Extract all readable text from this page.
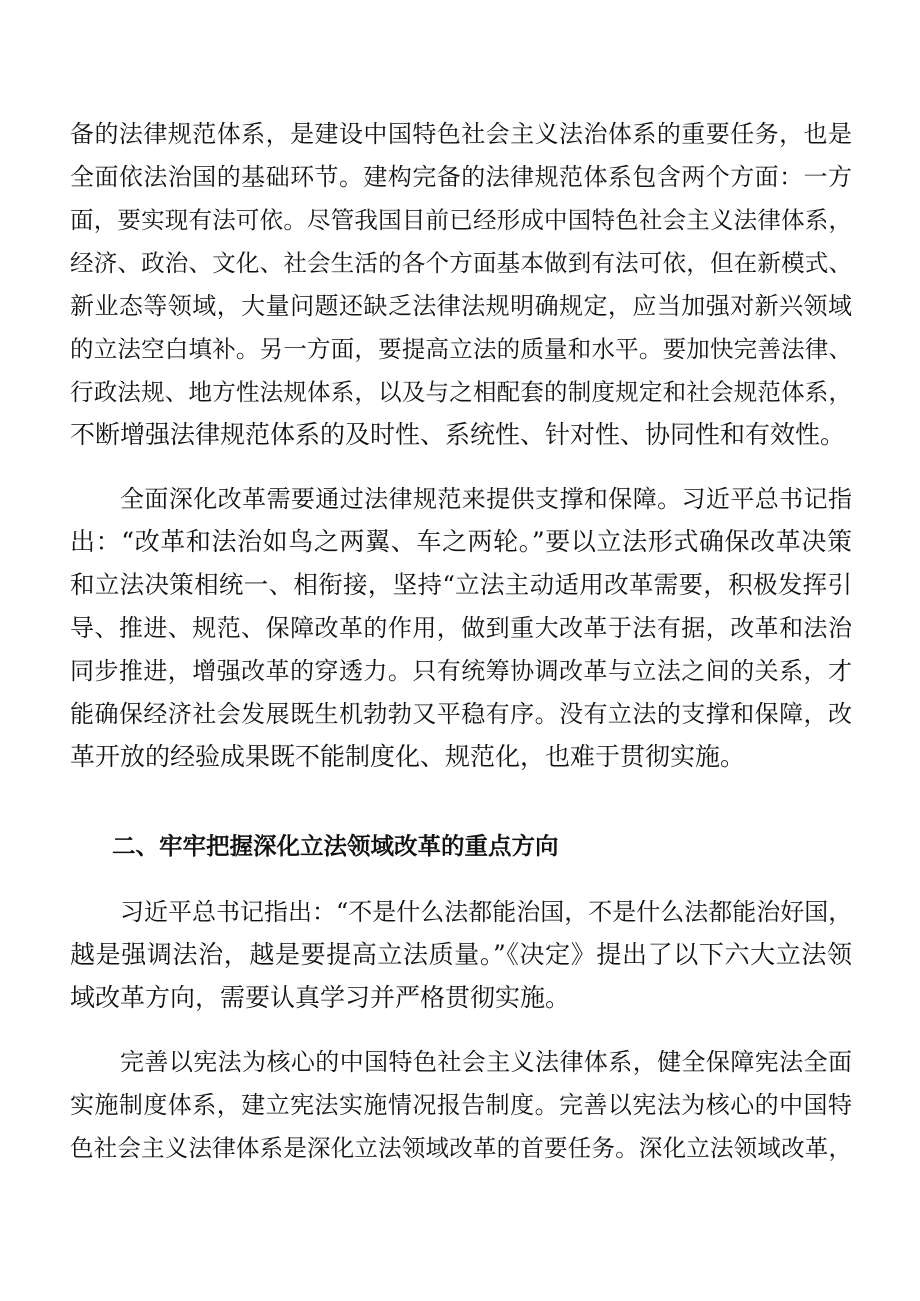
备的法律规范体系，是建设中国特色社会主义法治体系的重要任务，也是
全面依法治国的基础环节。建构完备的法律规范体系包含两个方面：一方
面，要实现有法可依。尽管我国目前已经形成中国特色社会主义法律体系，
经济、政治、文化、社会生活的各个方面基本做到有法可依，但在新模式、
新业态等领域，大量问题还缺乏法律法规明确规定，应当加强对新兴领域
的立法空白填补。另一方面，要提高立法的质量和水平。要加快完善法律、
行政法规、地方性法规体系，以及与之相配套的制度规定和社会规范体系，
不断增强法律规范体系的及时性、系统性、针对性、协同性和有效性。
全面深化改革需要通过法律规范来提供支撑和保障。习近平总书记指
出：“改革和法治如鸟之两翼、车之两轮。”要以立法形式确保改革决策
和立法决策相统一、相衔接，坚持“立法主动适用改革需要，积极发挥引
导、推进、规范、保障改革的作用，做到重大改革于法有据，改革和法治
同步推进，增强改革的穿透力。只有统筹协调改革与立法之间的关系，才
能确保经济社会发展既生机勃勃又平稳有序。没有立法的支撑和保障，改
革开放的经验成果既不能制度化、规范化，也难于贯彻实施。
二、牢牢把握深化立法领域改革的重点方向
习近平总书记指出：“不是什么法都能治国，不是什么法都能治好国，
越是强调法治，越是要提高立法质量。”《决定》提出了以下六大立法领
域改革方向，需要认真学习并严格贯彻实施。
完善以宪法为核心的中国特色社会主义法律体系，健全保障宪法全面
实施制度体系，建立宪法实施情况报告制度。完善以宪法为核心的中国特
色社会主义法律体系是深化立法领域改革的首要任务。深化立法领域改革，
